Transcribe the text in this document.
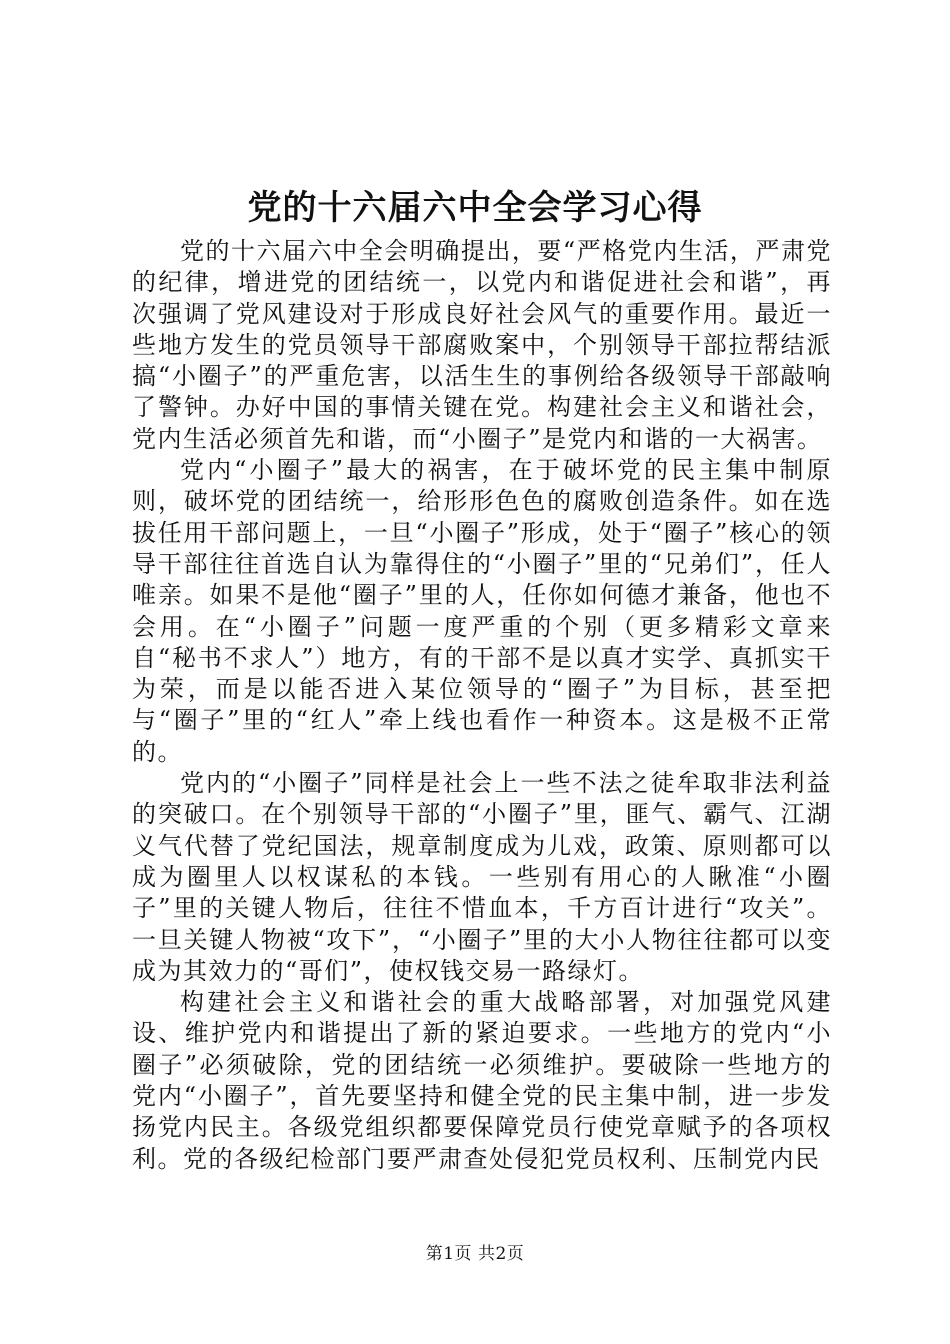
党的十六届六中全会学习心得

党的十六届六中全会明确提出，要“严格党内生活，严肃党的纪律，增进党的团结统一，以党内和谐促进社会和谐”，再次强调了党风建设对于形成良好社会风气的重要作用。最近一些地方发生的党员领导干部腐败案中，个别领导干部拉帮结派搞“小圈子”的严重危害，以活生生的事例给各级领导干部敲响了警钟。办好中国的事情关键在党。构建社会主义和谐社会，党内生活必须首先和谐，而“小圈子”是党内和谐的一大祸害。

党内“小圈子”最大的祸害，在于破坏党的民主集中制原则，破坏党的团结统一，给形形色色的腐败创造条件。如在选拔任用干部问题上，一旦“小圈子”形成，处于“圈子”核心的领导干部往往首选自认为靠得住的“小圈子”里的“兄弟们”，任人唯亲。如果不是他“圈子”里的人，任你如何德才兼备，他也不会用。在“小圈子”问题一度严重的个别（更多精彩文章来自“秘书不求人”）地方，有的干部不是以真才实学、真抓实干为荣，而是以能否进入某位领导的“圈子”为目标，甚至把与“圈子”里的“红人”牵上线也看作一种资本。这是极不正常的。

党内的“小圈子”同样是社会上一些不法之徒牟取非法利益的突破口。在个别领导干部的“小圈子”里，匪气、霸气、江湖义气代替了党纪国法，规章制度成为儿戏，政策、原则都可以成为圈里人以权谋私的本钱。一些别有用心的人瞅准“小圈子”里的关键人物后，往往不惜血本，千方百计进行“攻关”。一旦关键人物被“攻下”，“小圈子”里的大小人物往往都可以变成为其效力的“哥们”，使权钱交易一路绿灯。

构建社会主义和谐社会的重大战略部署，对加强党风建设、维护党内和谐提出了新的紧迫要求。一些地方的党内“小圈子”必须破除，党的团结统一必须维护。要破除一些地方的党内“小圈子”，首先要坚持和健全党的民主集中制，进一步发扬党内民主。各级党组织都要保障党员行使党章赋予的各项权利。党的各级纪检部门要严肃查处侵犯党员权利、压制党内民

第1页 共2页
